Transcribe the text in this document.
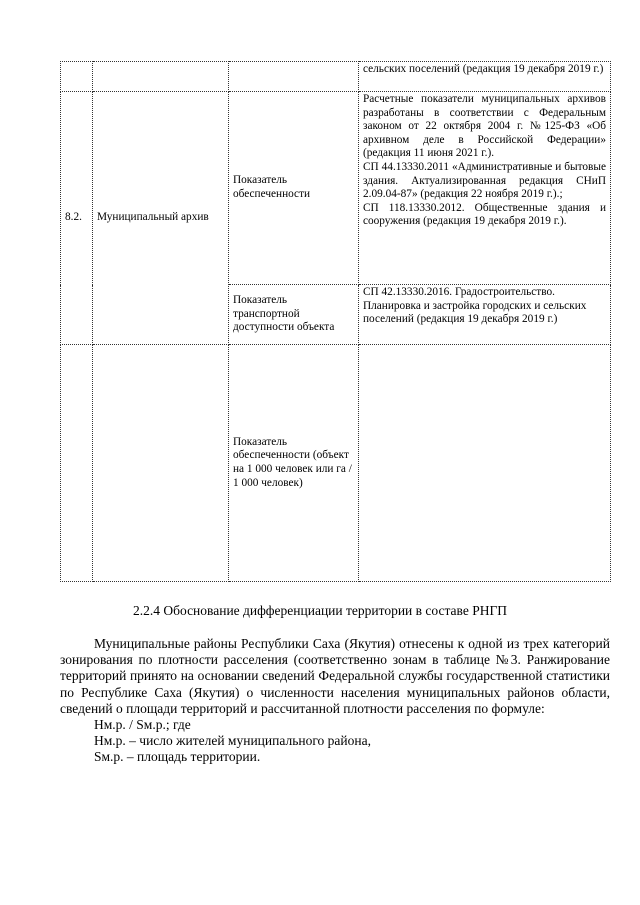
			сельских поселений (редакция 19 декабря 2019 г.)
8.2.	Муниципальный архив	Показатель обеспеченности	Расчетные показатели муниципальных архивов разработаны в соответствии с Федеральным законом от 22 октября 2004 г. №125-ФЗ «Об архивном деле в Российской Федерации» (редакция 11 июня 2021 г.).

СП 44.13330.2011 «Административные и бытовые здания. Актуализированная редакция СНиП 2.09.04-87» (редакция 22 ноября 2019 г.).;

СП 118.13330.2012. Общественные здания и сооружения (редакция 19 декабря 2019 г.).

		Показатель транспортной доступности объекта	СП 42.13330.2016. Градостроительство. Планировка и застройка городских и сельских поселений (редакция 19 декабря 2019 г.)
		Показатель обеспеченности (объект на 1 000 человек или га / 1 000 человек)	
2.2.4 Обоснование дифференциации территории в составе РНГП

Муниципальные районы Республики Саха (Якутия) отнесены к одной из трех категорий зонирования по плотности расселения (соответственно зонам в таблице №3. Ранжирование территорий принято на основании сведений Федеральной службы государственной статистики по Республике Саха (Якутия) о численности населения муниципальных районов области, сведений о площади территорий и рассчитанной плотности расселения по формуле:

Нм.р. / Sм.р.; где

Нм.р. – число жителей муниципального района,

Sм.р. – площадь территории.
